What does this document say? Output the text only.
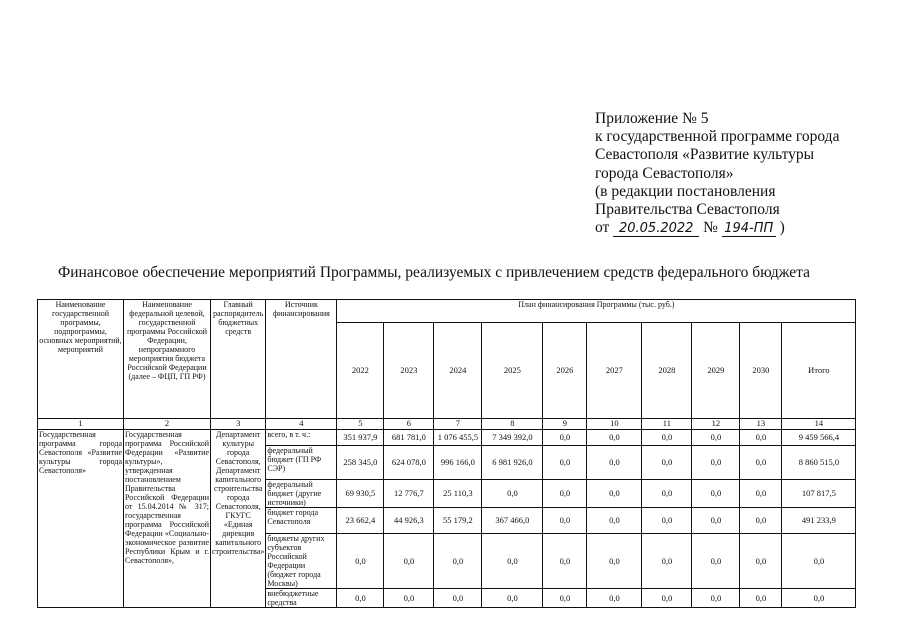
Приложение № 5
к государственной программе города
Севастополя «Развитие культуры
города Севастополя»
(в редакции постановления
Правительства Севастополя
от 20.05.2022 № 194-ПП )
Финансовое обеспечение мероприятий Программы, реализуемых с привлечением средств федерального бюджета
Наименование государственной программы, подпрограммы, основных мероприятий, мероприятий	Наименование федеральной целевой, государственной программы Российской Федерации, непрограммного мероприятия бюджета Российской Федерации (далее – ФЦП, ГП РФ)	Главный распорядитель бюджетных средств	Источник финансирования	План финансирования Программы (тыс. руб.)									
				2022	2023	2024	2025	2026	2027	2028	2029	2030	Итого
1	2	3	4	5	6	7	8	9	10	11	12	13	14
Государственная программа города Севастополя «Развитие культуры города Севастополя»	Государственная программа Российской Федерации «Развитие культуры», утвержденная постановлением Правительства Российской Федерации от 15.04.2014 № 317; государственная программа Российской Федерации «Социально-экономическое развитие Республики Крым и г. Севастополя»,	Департамент культуры города Севастополя, Департамент капитального строительства города Севастополя, ГКУГС «Единая дирекция капитального строительства»	всего, в т. ч.:	351 937,9	681 781,0	1 076 455,5	7 349 392,0	0,0	0,0	0,0	0,0	0,0	9 459 566,4
			федеральный бюджет (ГП РФ СЭР)	258 345,0	624 078,0	996 166,0	6 981 926,0	0,0	0,0	0,0	0,0	0,0	8 860 515,0
			федеральный бюджет (другие источники)	69 930,5	12 776,7	25 110,3	0,0	0,0	0,0	0,0	0,0	0,0	107 817,5
			бюджет города Севастополя	23 662,4	44 926,3	55 179,2	367 466,0	0,0	0,0	0,0	0,0	0,0	491 233,9
			бюджеты других субъектов Российской Федерации (бюджет города Москвы)	0,0	0,0	0,0	0,0	0,0	0,0	0,0	0,0	0,0	0,0
			внебюджетные средства	0,0	0,0	0,0	0,0	0,0	0,0	0,0	0,0	0,0	0,0
